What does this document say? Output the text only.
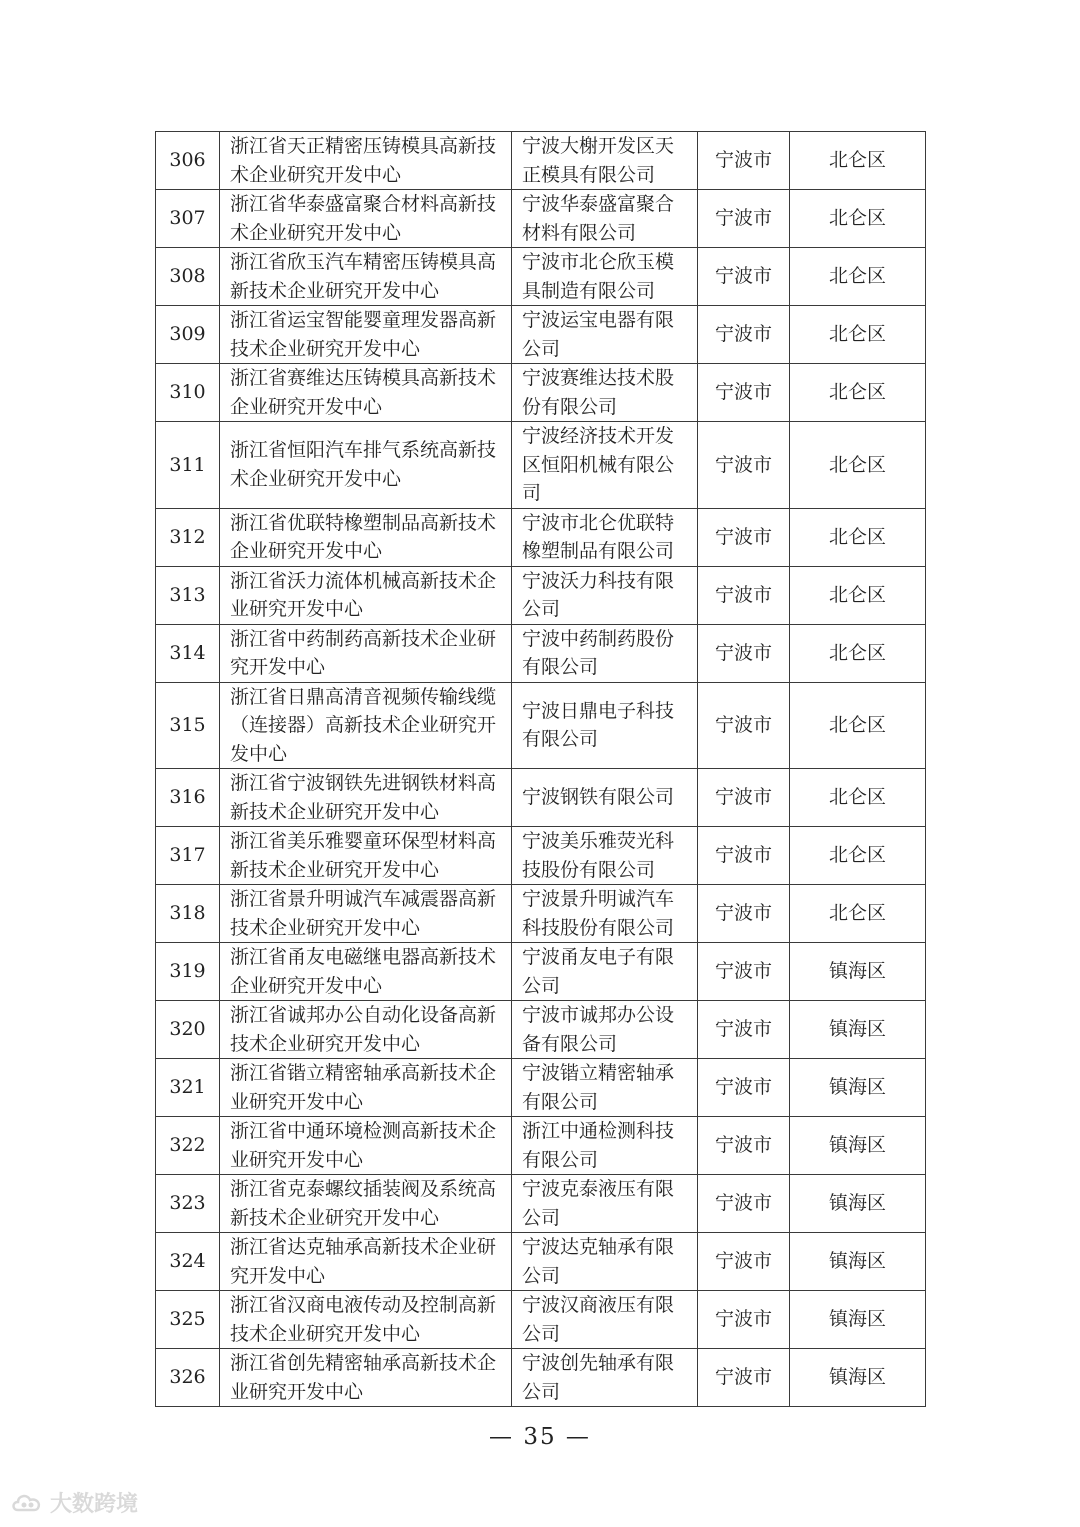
306	浙江省天正精密压铸模具高新技术企业研究开发中心	宁波大榭开发区天正模具有限公司	宁波市	北仑区
307	浙江省华泰盛富聚合材料高新技术企业研究开发中心	宁波华泰盛富聚合材料有限公司	宁波市	北仑区
308	浙江省欣玉汽车精密压铸模具高新技术企业研究开发中心	宁波市北仑欣玉模具制造有限公司	宁波市	北仑区
309	浙江省运宝智能婴童理发器高新技术企业研究开发中心	宁波运宝电器有限公司	宁波市	北仑区
310	浙江省赛维达压铸模具高新技术企业研究开发中心	宁波赛维达技术股份有限公司	宁波市	北仑区
311	浙江省恒阳汽车排气系统高新技术企业研究开发中心	宁波经济技术开发区恒阳机械有限公司	宁波市	北仑区
312	浙江省优联特橡塑制品高新技术企业研究开发中心	宁波市北仑优联特橡塑制品有限公司	宁波市	北仑区
313	浙江省沃力流体机械高新技术企业研究开发中心	宁波沃力科技有限公司	宁波市	北仑区
314	浙江省中药制药高新技术企业研究开发中心	宁波中药制药股份有限公司	宁波市	北仑区
315	浙江省日鼎高清音视频传输线缆（连接器）高新技术企业研究开发中心	宁波日鼎电子科技有限公司	宁波市	北仑区
316	浙江省宁波钢铁先进钢铁材料高新技术企业研究开发中心	宁波钢铁有限公司	宁波市	北仑区
317	浙江省美乐雅婴童环保型材料高新技术企业研究开发中心	宁波美乐雅荧光科技股份有限公司	宁波市	北仑区
318	浙江省景升明诚汽车减震器高新技术企业研究开发中心	宁波景升明诚汽车科技股份有限公司	宁波市	北仑区
319	浙江省甬友电磁继电器高新技术企业研究开发中心	宁波甬友电子有限公司	宁波市	镇海区
320	浙江省诚邦办公自动化设备高新技术企业研究开发中心	宁波市诚邦办公设备有限公司	宁波市	镇海区
321	浙江省锴立精密轴承高新技术企业研究开发中心	宁波锴立精密轴承有限公司	宁波市	镇海区
322	浙江省中通环境检测高新技术企业研究开发中心	浙江中通检测科技有限公司	宁波市	镇海区
323	浙江省克泰螺纹插装阀及系统高新技术企业研究开发中心	宁波克泰液压有限公司	宁波市	镇海区
324	浙江省达克轴承高新技术企业研究开发中心	宁波达克轴承有限公司	宁波市	镇海区
325	浙江省汉商电液传动及控制高新技术企业研究开发中心	宁波汉商液压有限公司	宁波市	镇海区
326	浙江省创先精密轴承高新技术企业研究开发中心	宁波创先轴承有限公司	宁波市	镇海区
— 35 —
大数跨境
